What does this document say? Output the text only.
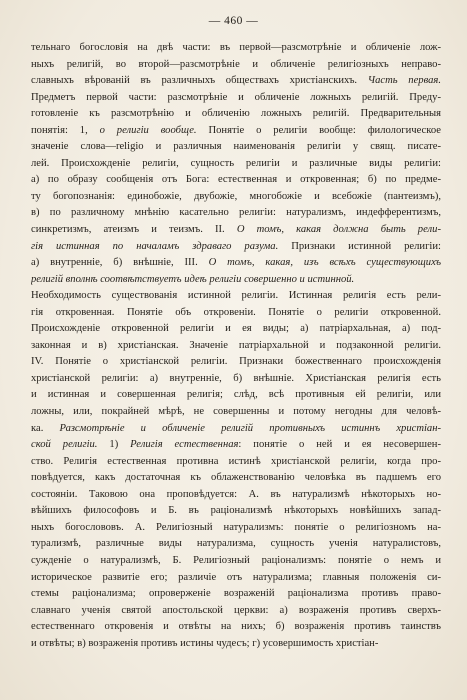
— 460 —
тельнаго богословія на двѣ части: въ первой—разсмотрѣніе и обличеніе лож-
ныхъ религій, во второй—разсмотрѣніе и обличеніе религіозныхъ неправо-
славныхъ вѣрованій въ различныхъ обществахъ христіанскихъ. Часть первая.
Предметъ первой части: разсмотрѣніе и обличеніе ложныхъ религій. Преду-
готовленіе къ разсмотрѣнію и обличенію ложныхъ религій. Предварительныя
понятія: 1, о религіи вообще. Понятіе о религіи вообще: филологическое
значеніе слова—religio и различныя наименованія религіи у свящ. писате-
лей. Происхожденіе религіи, сущность религіи и различные виды религіи:
а) по образу сообщенія отъ Бога: естественная и откровенная; б) по предме-
ту богопознанія: единобожіе, двубожіе, многобожіе и всебожіе (пантеизмъ),
в) по различному мнѣнію касательно религіи: натурализмъ, индефферентизмъ,
синкретизмъ, атеизмъ и теизмъ. II. О томъ, какая должна быть рели-
гія истинная по началамъ здраваго разума. Признаки истинной религіи:
а) внутренніе, б) внѣшніе, III. О томъ, какая, изъ всѣхъ существующихъ
религій вполнѣ соотвѣтствуетъ идеѣ религіи совершенно и истинной.
Необходимость существованія истинной религіи. Истинная религія есть рели-
гія откровенная. Понятіе объ откровеніи. Понятіе о религіи откровенной.
Происхожденіе откровенной религіи и ея виды; а) патріархальная, а) под-
законная и в) христіанская. Значеніе патріархальной и подзаконной религіи.
IV. Понятіе о христіанской религіи. Признаки божественнаго происхожденія
христіанской религіи: а) внутренніе, б) внѣшніе. Христіанская религія есть
и истинная и совершенная религія; слѣд, всѣ противныя ей религіи, или
ложны, или, покрайней мѣрѣ, не совершенны и потому негодны для человѣ-
ка. Разсмотрѣніе и обличеніе религій противныхъ истиннъ христіан-
ской религіи. 1) Религія естественная: понятіе о ней и ея несовершен-
ство. Религія естественная противна истинѣ христіанской религіи, когда про-
повѣдуется, какъ достаточная къ облаженствованію человѣка въ падшемъ его
состояніи. Таковою она проповѣдуется: А. въ натурализмѣ нѣкоторыхъ но-
вѣйшихъ философовъ и Б. въ раціонализмѣ нѣкоторыхъ новѣйшихъ запад-
ныхъ богослововъ. А. Религіозный натурализмъ: понятіе о религіозномъ на-
турализмѣ, различные виды натурализма, сущность ученія натуралистовъ,
сужденіе о натурализмѣ, Б. Религіозный раціонализмъ: понятіе о немъ и
историческое развитіе его; различіе отъ натурализма; главныя положенія си-
стемы раціонализма; опроверженіе возраженій раціонализма противъ право-
славнаго ученія святой апостольской церкви: а) возраженія противъ сверхъ-
естественнаго откровенія и отвѣты на нихъ; б) возраженія противъ таинствъ
и отвѣты; в) возраженія противъ истины чудесъ; г) усовершимость христіан-
